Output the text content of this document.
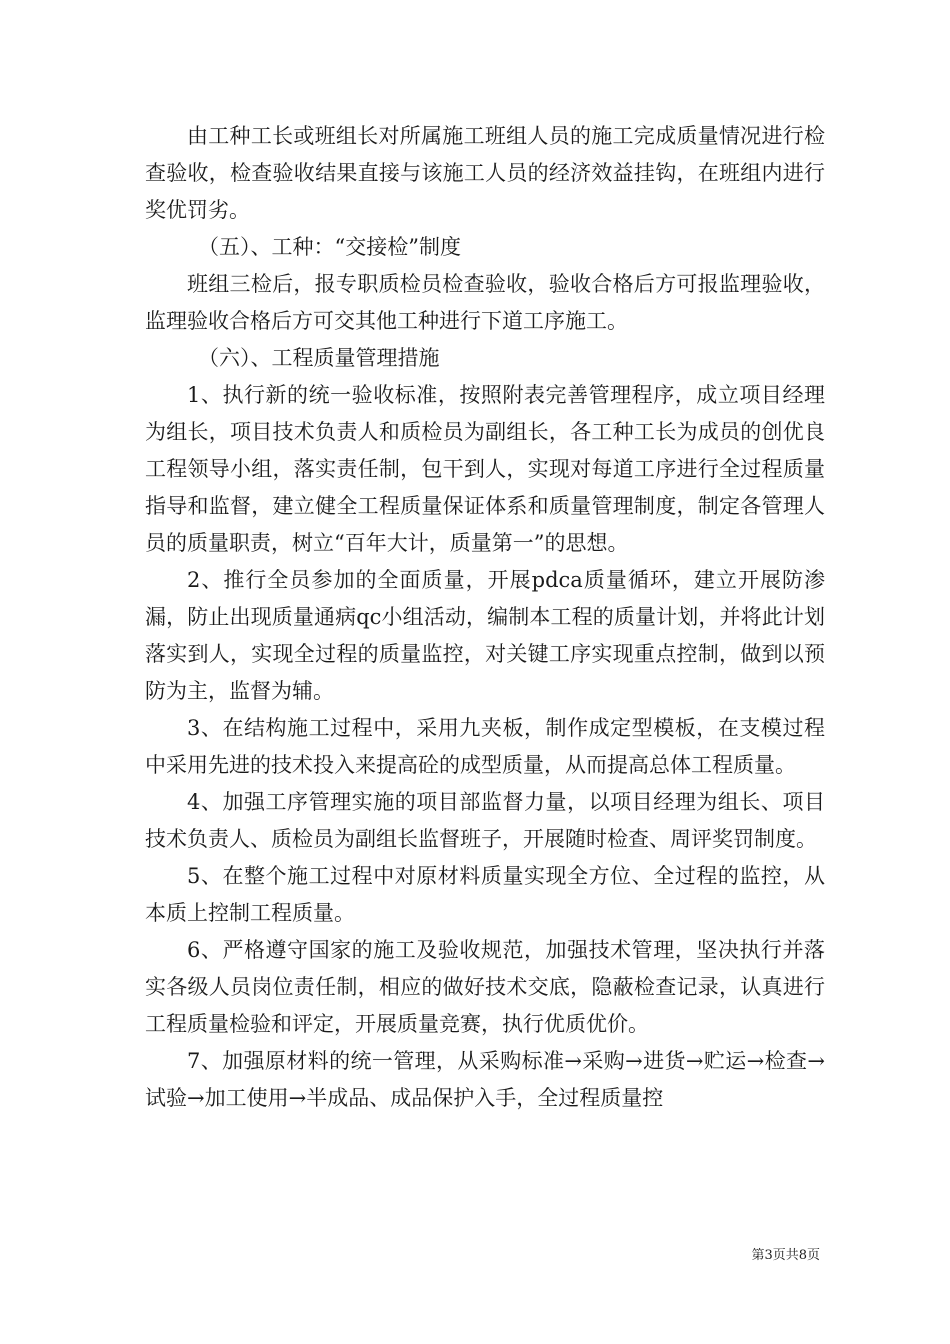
由工种工长或班组长对所属施工班组人员的施工完成质量情况进行检查验收，检查验收结果直接与该施工人员的经济效益挂钩，在班组内进行奖优罚劣。

（五）、工种：“交接检”制度

班组三检后，报专职质检员检查验收，验收合格后方可报监理验收，监理验收合格后方可交其他工种进行下道工序施工。

（六）、工程质量管理措施

1、执行新的统一验收标准，按照附表完善管理程序，成立项目经理为组长，项目技术负责人和质检员为副组长，各工种工长为成员的创优良工程领导小组，落实责任制，包干到人，实现对每道工序进行全过程质量指导和监督，建立健全工程质量保证体系和质量管理制度，制定各管理人员的质量职责，树立“百年大计，质量第一”的思想。

2、推行全员参加的全面质量，开展pdca质量循环，建立开展防渗漏，防止出现质量通病qc小组活动，编制本工程的质量计划，并将此计划落实到人，实现全过程的质量监控，对关键工序实现重点控制，做到以预防为主，监督为辅。

3、在结构施工过程中，采用九夹板，制作成定型模板，在支模过程中采用先进的技术投入来提高砼的成型质量，从而提高总体工程质量。

4、加强工序管理实施的项目部监督力量，以项目经理为组长、项目技术负责人、质检员为副组长监督班子，开展随时检查、周评奖罚制度。

5、在整个施工过程中对原材料质量实现全方位、全过程的监控，从本质上控制工程质量。

6、严格遵守国家的施工及验收规范，加强技术管理，坚决执行并落实各级人员岗位责任制，相应的做好技术交底，隐蔽检查记录，认真进行工程质量检验和评定，开展质量竞赛，执行优质优价。

7、加强原材料的统一管理，从采购标准→采购→进货→贮运→检查→试验→加工使用→半成品、成品保护入手，全过程质量控

第3页共8页
